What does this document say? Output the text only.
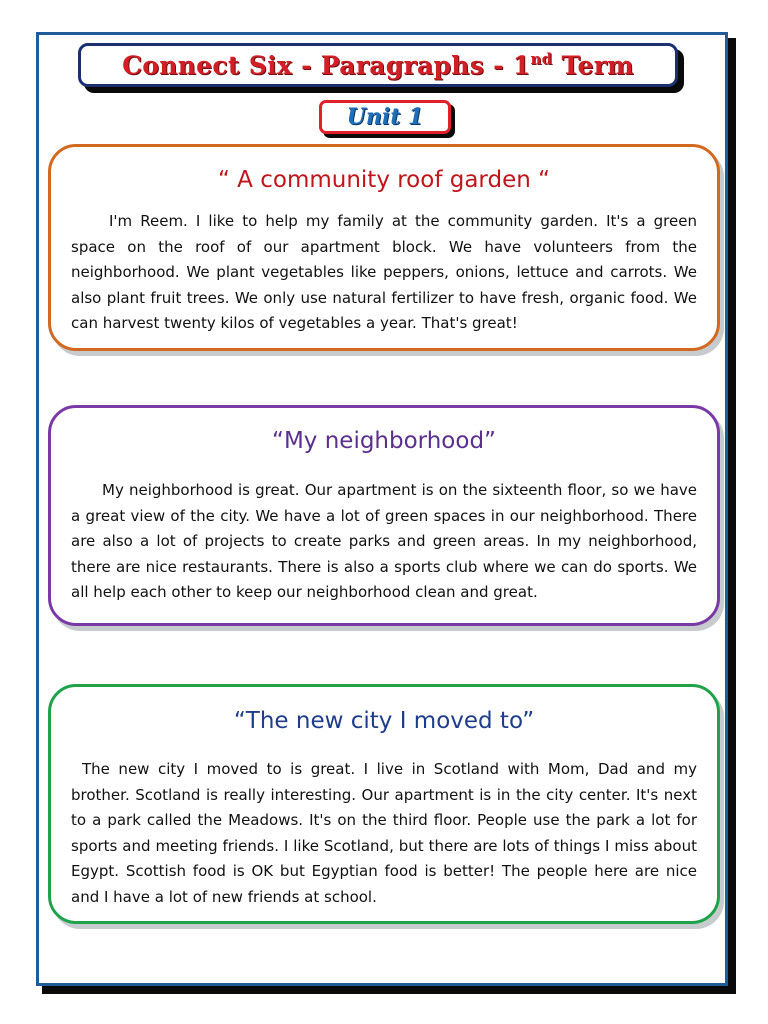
Connect Six - Paragraphs - 1nd Term
Unit 1
“ A community roof garden “

I'm Reem. I like to help my family at the community garden. It's a green space on the roof of our apartment block. We have volunteers from the neighborhood. We plant vegetables like peppers, onions, lettuce and carrots. We also plant fruit trees. We only use natural fertilizer to have fresh, organic food. We can harvest twenty kilos of vegetables a year. That's great!

“My neighborhood”

My neighborhood is great. Our apartment is on the sixteenth floor, so we have a great view of the city. We have a lot of green spaces in our neighborhood. There are also a lot of projects to create parks and green areas. In my neighborhood, there are nice restaurants. There is also a sports club where we can do sports. We all help each other to keep our neighborhood clean and great.

“The new city I moved to”

The new city I moved to is great. I live in Scotland with Mom, Dad and my brother. Scotland is really interesting. Our apartment is in the city center. It's next to a park called the Meadows. It's on the third floor. People use the park a lot for sports and meeting friends. I like Scotland, but there are lots of things I miss about Egypt. Scottish food is OK but Egyptian food is better! The people here are nice and I have a lot of new friends at school.
